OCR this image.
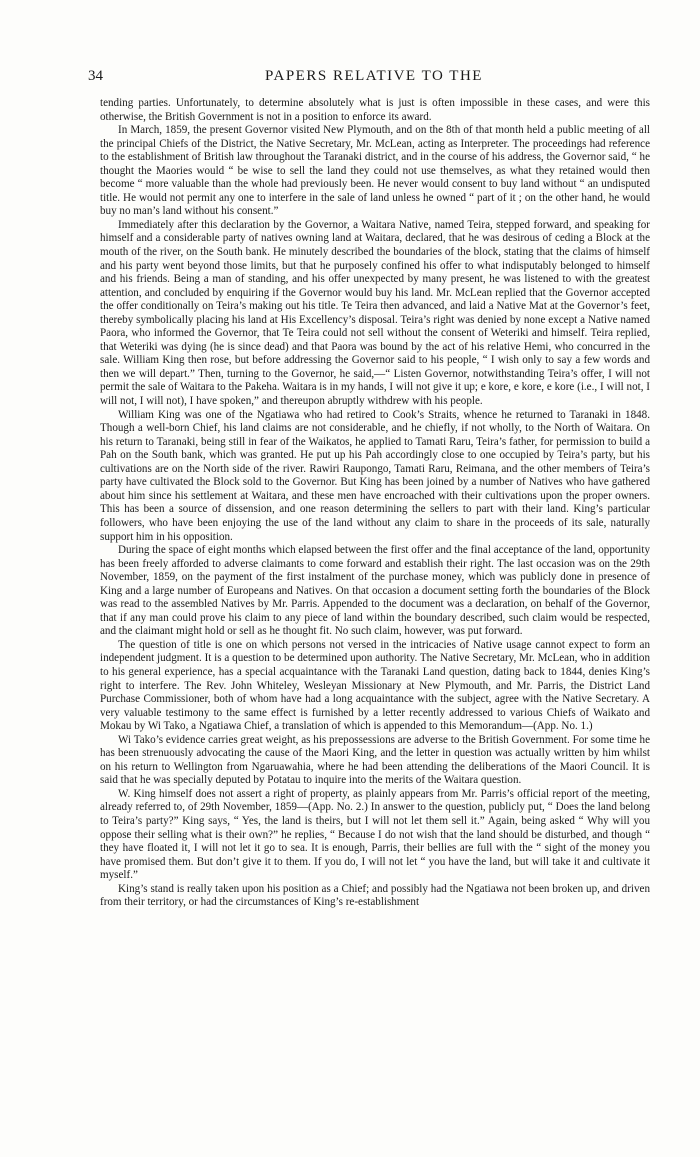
34	PAPERS RELATIVE TO THE

tending parties. Unfortunately, to determine absolutely what is just is often impossible in these cases, and were this otherwise, the British Government is not in a position to enforce its award.

In March, 1859, the present Governor visited New Plymouth, and on the 8th of that month held a public meeting of all the principal Chiefs of the District, the Native Secretary, Mr. McLean, acting as Interpreter. The proceedings had reference to the establishment of British law throughout the Taranaki district, and in the course of his address, the Governor said, “ he thought the Maories would “ be wise to sell the land they could not use themselves, as what they retained would then become “ more valuable than the whole had previously been. He never would consent to buy land without “ an undisputed title. He would not permit any one to interfere in the sale of land unless he owned “ part of it ; on the other hand, he would buy no man’s land without his consent.”

Immediately after this declaration by the Governor, a Waitara Native, named Teira, stepped forward, and speaking for himself and a considerable party of natives owning land at Waitara, declared, that he was desirous of ceding a Block at the mouth of the river, on the South bank. He minutely described the boundaries of the block, stating that the claims of himself and his party went beyond those limits, but that he purposely confined his offer to what indisputably belonged to himself and his friends. Being a man of standing, and his offer unexpected by many present, he was listened to with the greatest attention, and concluded by enquiring if the Governor would buy his land. Mr. McLean replied that the Governor accepted the offer conditionally on Teira’s making out his title. Te Teira then advanced, and laid a Native Mat at the Governor’s feet, thereby symbolically placing his land at His Excellency’s disposal. Teira’s right was denied by none except a Native named Paora, who informed the Governor, that Te Teira could not sell without the consent of Weteriki and himself. Teira replied, that Weteriki was dying (he is since dead) and that Paora was bound by the act of his relative Hemi, who concurred in the sale. William King then rose, but before addressing the Governor said to his people, “ I wish only to say a few words and then we will depart.” Then, turning to the Governor, he said,—“ Listen Governor, notwithstanding Teira’s offer, I will not permit the sale of Waitara to the Pakeha. Waitara is in my hands, I will not give it up; e kore, e kore, e kore (i.e., I will not, I will not, I will not), I have spoken,” and thereupon abruptly withdrew with his people.

William King was one of the Ngatiawa who had retired to Cook’s Straits, whence he returned to Taranaki in 1848. Though a well-born Chief, his land claims are not considerable, and he chiefly, if not wholly, to the North of Waitara. On his return to Taranaki, being still in fear of the Waikatos, he applied to Tamati Raru, Teira’s father, for permission to build a Pah on the South bank, which was granted. He put up his Pah accordingly close to one occupied by Teira’s party, but his cultivations are on the North side of the river. Rawiri Raupongo, Tamati Raru, Reimana, and the other members of Teira’s party have cultivated the Block sold to the Governor. But King has been joined by a number of Natives who have gathered about him since his settlement at Waitara, and these men have encroached with their cultivations upon the proper owners. This has been a source of dissension, and one reason determining the sellers to part with their land. King’s particular followers, who have been enjoying the use of the land without any claim to share in the proceeds of its sale, naturally support him in his opposition.

During the space of eight months which elapsed between the first offer and the final acceptance of the land, opportunity has been freely afforded to adverse claimants to come forward and establish their right. The last occasion was on the 29th November, 1859, on the payment of the first instalment of the purchase money, which was publicly done in presence of King and a large number of Europeans and Natives. On that occasion a document setting forth the boundaries of the Block was read to the assembled Natives by Mr. Parris. Appended to the document was a declaration, on behalf of the Governor, that if any man could prove his claim to any piece of land within the boundary described, such claim would be respected, and the claimant might hold or sell as he thought fit. No such claim, however, was put forward.

The question of title is one on which persons not versed in the intricacies of Native usage cannot expect to form an independent judgment. It is a question to be determined upon authority. The Native Secretary, Mr. McLean, who in addition to his general experience, has a special acquaintance with the Taranaki Land question, dating back to 1844, denies King’s right to interfere. The Rev. John Whiteley, Wesleyan Missionary at New Plymouth, and Mr. Parris, the District Land Purchase Commissioner, both of whom have had a long acquaintance with the subject, agree with the Native Secretary. A very valuable testimony to the same effect is furnished by a letter recently addressed to various Chiefs of Waikato and Mokau by Wi Tako, a Ngatiawa Chief, a translation of which is appended to this Memorandum—(App. No. 1.)

Wi Tako’s evidence carries great weight, as his prepossessions are adverse to the British Government. For some time he has been strenuously advocating the cause of the Maori King, and the letter in question was actually written by him whilst on his return to Wellington from Ngaruawahia, where he had been attending the deliberations of the Maori Council. It is said that he was specially deputed by Potatau to inquire into the merits of the Waitara question.

W. King himself does not assert a right of property, as plainly appears from Mr. Parris’s official report of the meeting, already referred to, of 29th November, 1859—(App. No. 2.) In answer to the question, publicly put, “ Does the land belong to Teira’s party?” King says, “ Yes, the land is theirs, but I will not let them sell it.” Again, being asked “ Why will you oppose their selling what is their own?” he replies, “ Because I do not wish that the land should be disturbed, and though “ they have floated it, I will not let it go to sea. It is enough, Parris, their bellies are full with the “ sight of the money you have promised them. But don’t give it to them. If you do, I will not let “ you have the land, but will take it and cultivate it myself.”

King’s stand is really taken upon his position as a Chief; and possibly had the Ngatiawa not been broken up, and driven from their territory, or had the circumstances of King’s re-establishment
